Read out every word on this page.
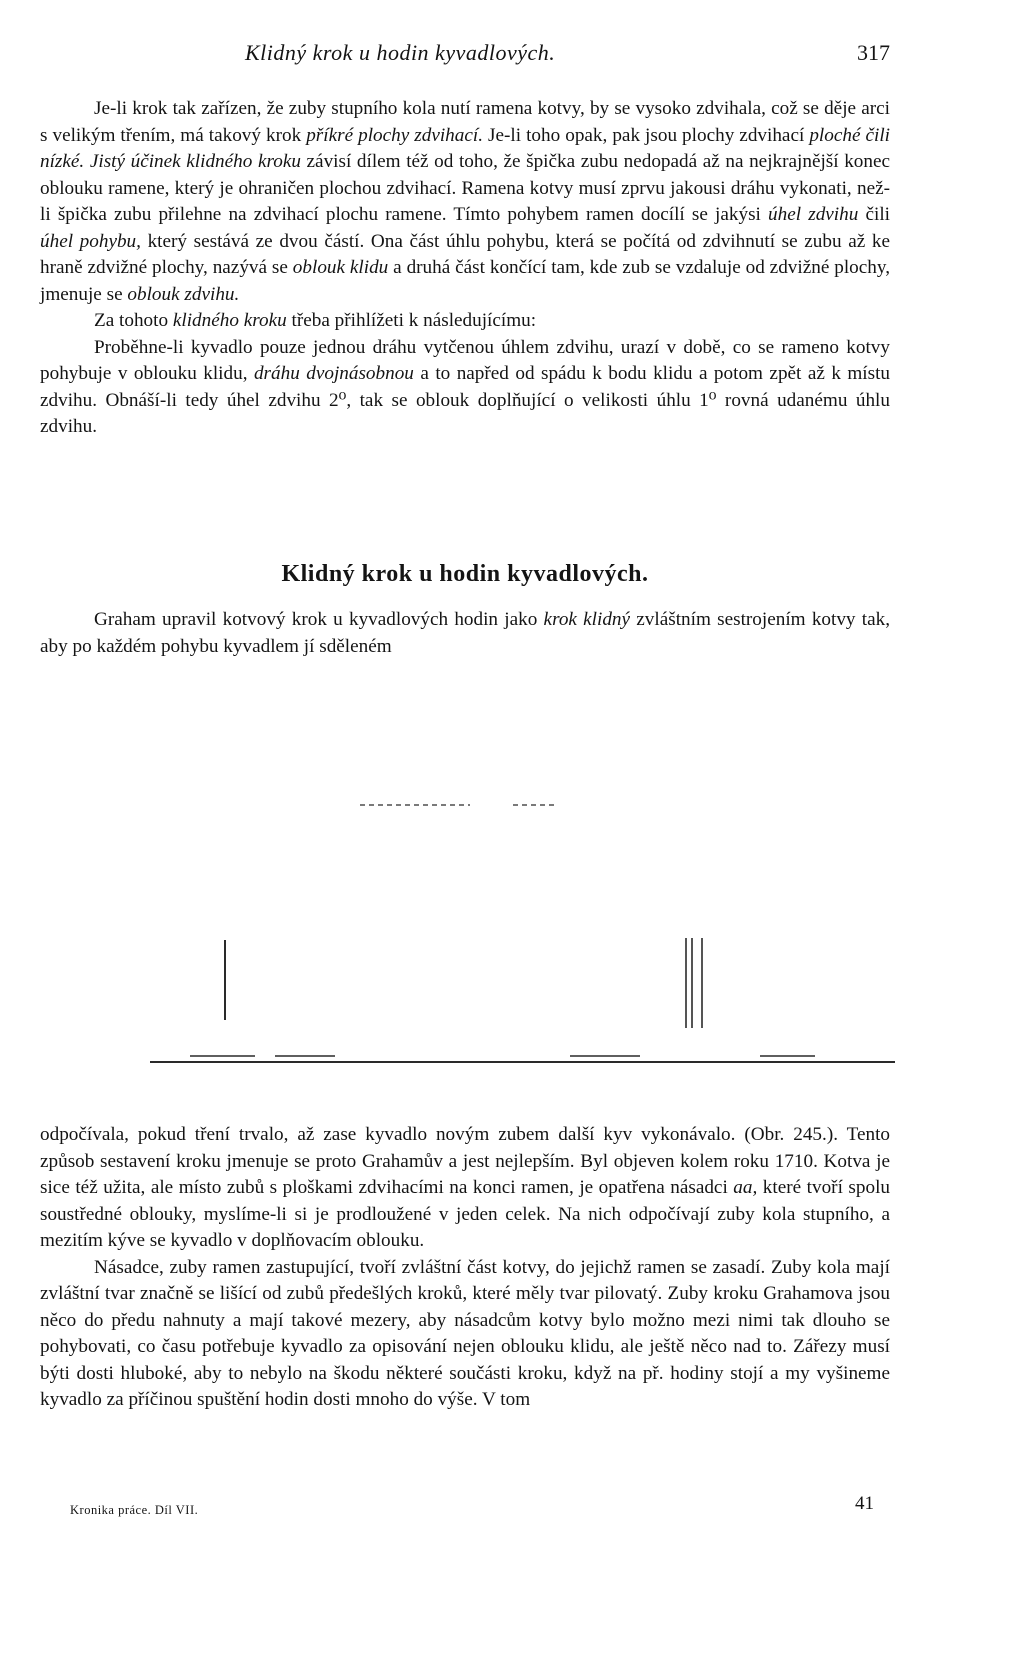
Klidný krok u hodin kyvadlových.	317

Je-li krok tak zařízen, že zuby stupního kola nutí ramena kotvy, by se vysoko zdvihala, což se děje arci s velikým třením, má takový krok příkré plochy zdvihací. Je-li toho opak, pak jsou plochy zdvihací ploché čili nízké. Jistý účinek klidného kroku závisí dílem též od toho, že špička zubu nedopadá až na nejkrajnější konec oblouku ramene, který je ohraničen plochou zdvihací. Ramena kotvy musí zprvu jakousi dráhu vykonati, než-li špička zubu přilehne na zdvihací plochu ramene. Tímto pohybem ramen docílí se jakýsi úhel zdvihu čili úhel pohybu, který sestává ze dvou částí. Ona část úhlu pohybu, která se počítá od zdvihnutí se zubu až ke hraně zdvižné plochy, nazývá se oblouk klidu a druhá část končící tam, kde zub se vzdaluje od zdvižné plochy, jmenuje se oblouk zdvihu.

Za tohoto klidného kroku třeba přihlížeti k následujícímu:

Proběhne-li kyvadlo pouze jednou dráhu vytčenou úhlem zdvihu, urazí v době, co se rameno kotvy pohybuje v oblouku klidu, dráhu dvojnásobnou a to napřed od spádu k bodu klidu a potom zpět až k místu zdvihu. Obnáší-li tedy úhel zdvihu 2⁰, tak se oblouk doplňující o velikosti úhlu 1⁰ rovná udanému úhlu zdvihu.

Klidný krok u hodin kyvadlových.

Graham upravil kotvový krok u kyvadlových hodin jako krok klidný zvláštním sestrojením kotvy tak, aby po každém pohybu kyvadlem jí sděleném

odpočívala, pokud tření trvalo, až zase kyvadlo novým zubem další kyv vykonávalo. (Obr. 245.). Tento způsob sestavení kroku jmenuje se proto Grahamův a jest nejlepším. Byl objeven kolem roku 1710. Kotva je sice též užita, ale místo zubů s ploškami zdvihacími na konci ramen, je opatřena násadci aa, které tvoří spolu soustředné oblouky, myslíme-li si je prodloužené v jeden celek. Na nich odpočívají zuby kola stupního, a mezitím kýve se kyvadlo v doplňovacím oblouku.

Násadce, zuby ramen zastupující, tvoří zvláštní část kotvy, do jejichž ramen se zasadí. Zuby kola mají zvláštní tvar značně se lišící od zubů předešlých kroků, které měly tvar pilovatý. Zuby kroku Grahamova jsou něco do předu nahnuty a mají takové mezery, aby násadcům kotvy bylo možno mezi nimi tak dlouho se pohybovati, co času potřebuje kyvadlo za opisování nejen oblouku klidu, ale ještě něco nad to. Zářezy musí býti dosti hluboké, aby to nebylo na škodu některé součásti kroku, když na př. hodiny stojí a my vyšineme kyvadlo za příčinou spuštění hodin dosti mnoho do výše. V tom

Kronika práce. Díl VII.	41
